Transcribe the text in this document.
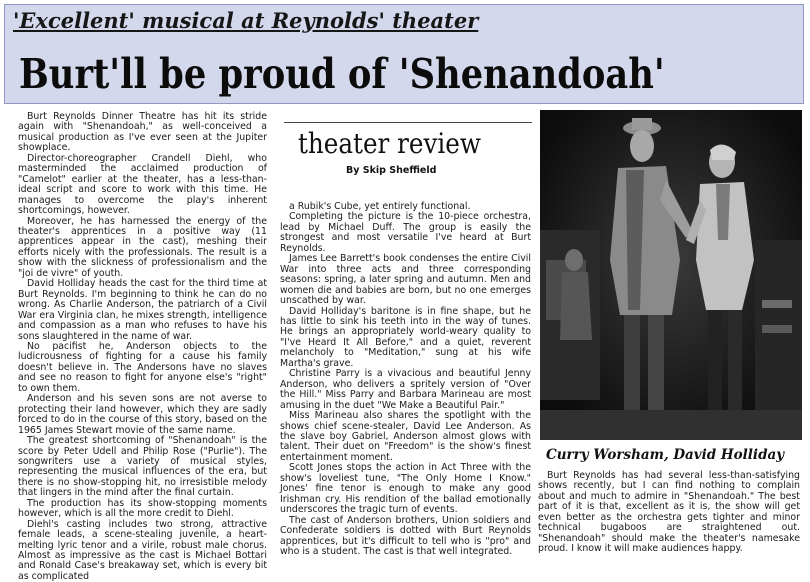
'Excellent' musical at Reynolds' theater
Burt'll be proud of 'Shenandoah'

Burt Reynolds Dinner Theatre has hit its stride again with "Shenandoah," as well-conceived a musical production as I've ever seen at the Jupiter showplace.

Director-choreographer Crandell Diehl, who masterminded the acclaimed production of "Camelot" earlier at the theater, has a less-than-ideal script and score to work with this time. He manages to overcome the play's inherent shortcomings, however.

Moreover, he has harnessed the energy of the theater's apprentices in a positive way (11 apprentices appear in the cast), meshing their efforts nicely with the professionals. The result is a show with the slickness of professionalism and the "joi de vivre" of youth.

David Holliday heads the cast for the third time at Burt Reynolds. I'm beginning to think he can do no wrong. As Charlie Anderson, the patriarch of a Civil War era Virginia clan, he mixes strength, intelligence and compassion as a man who refuses to have his sons slaughtered in the name of war.

No pacifist he, Anderson objects to the ludicrousness of fighting for a cause his family doesn't believe in. The Andersons have no slaves and see no reason to fight for anyone else's "right" to own them.

Anderson and his seven sons are not averse to protecting their land however, which they are sadly forced to do in the course of this story, based on the 1965 James Stewart movie of the same name.

The greatest shortcoming of "Shenandoah" is the score by Peter Udell and Philip Rose ("Purlie"). The songwriters use a variety of musical styles, representing the musical influences of the era, but there is no show-stopping hit, no irresistible melody that lingers in the mind after the final curtain.

The production has its show-stopping moments however, which is all the more credit to Diehl.

Diehl's casting includes two strong, attractive female leads, a scene-stealing juvenile, a heart-melting lyric tenor and a virile, robust male chorus. Almost as impressive as the cast is Michael Bottari and Ronald Case's breakaway set, which is every bit as complicated

theater review
By Skip Sheffield

a Rubik's Cube, yet entirely functional.

Completing the picture is the 10-piece orchestra, lead by Michael Duff. The group is easily the strongest and most versatile I've heard at Burt Reynolds.

James Lee Barrett's book condenses the entire Civil War into three acts and three corresponding seasons: spring, a later spring and autumn. Men and women die and babies are born, but no one emerges unscathed by war.

David Holliday's baritone is in fine shape, but he has little to sink his teeth into in the way of tunes. He brings an appropriately world-weary quality to "I've Heard It All Before," and a quiet, reverent melancholy to "Meditation," sung at his wife Martha's grave.

Christine Parry is a vivacious and beautiful Jenny Anderson, who delivers a spritely version of "Over the Hill." Miss Parry and Barbara Marineau are most amusing in the duet "We Make a Beautiful Pair."

Miss Marineau also shares the spotlight with the shows chief scene-stealer, David Lee Anderson. As the slave boy Gabriel, Anderson almost glows with talent. Their duet on "Freedom" is the show's finest entertainment moment.

Scott Jones stops the action in Act Three with the show's loveliest tune, "The Only Home I Know." Jones' fine tenor is enough to make any good Irishman cry. His rendition of the ballad emotionally underscores the tragic turn of events.

The cast of Anderson brothers, Union soldiers and Confederate soldiers is dotted with Burt Reynolds apprentices, but it's difficult to tell who is "pro" and who is a student. The cast is that well integrated.

Curry Worsham, David Holliday

Burt Reynolds has had several less-than-satisfying shows recently, but I can find nothing to complain about and much to admire in "Shenandoah." The best part of it is that, excellent as it is, the show will get even better as the orchestra gets tighter and minor technical bugaboos are straightened out. "Shenandoah" should make the theater's namesake proud. I know it will make audiences happy.
